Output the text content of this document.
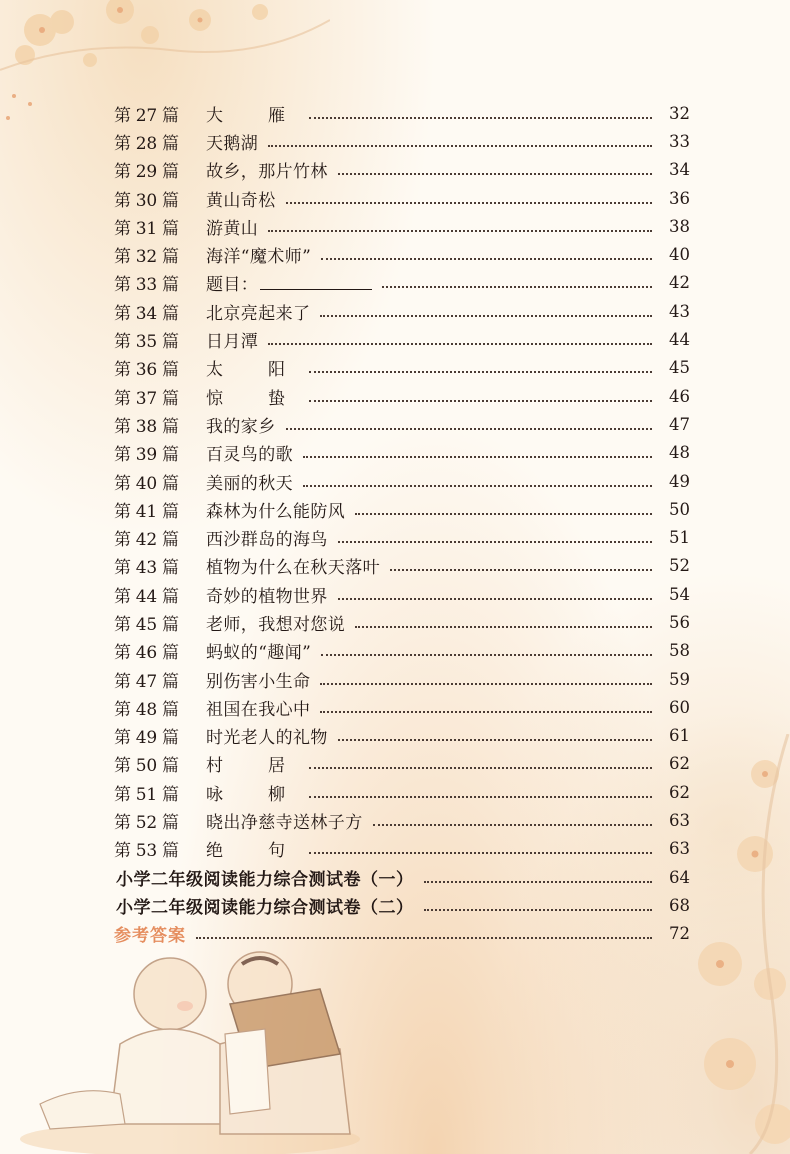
第 27 篇	大　雁	32
第 28 篇	天鹅湖	33
第 29 篇	故乡，那片竹林	34
第 30 篇	黄山奇松	36
第 31 篇	游黄山	38
第 32 篇	海洋“魔术师”	40
第 33 篇	题目：	42
第 34 篇	北京亮起来了	43
第 35 篇	日月潭	44
第 36 篇	太　阳	45
第 37 篇	惊　蛰	46
第 38 篇	我的家乡	47
第 39 篇	百灵鸟的歌	48
第 40 篇	美丽的秋天	49
第 41 篇	森林为什么能防风	50
第 42 篇	西沙群岛的海鸟	51
第 43 篇	植物为什么在秋天落叶	52
第 44 篇	奇妙的植物世界	54
第 45 篇	老师，我想对您说	56
第 46 篇	蚂蚁的“趣闻”	58
第 47 篇	别伤害小生命	59
第 48 篇	祖国在我心中	60
第 49 篇	时光老人的礼物	61
第 50 篇	村　居	62
第 51 篇	咏　柳	62
第 52 篇	晓出净慈寺送林子方	63
第 53 篇	绝　句	63
小学二年级阅读能力综合测试卷（一）	64
小学二年级阅读能力综合测试卷（二）	68
参考答案	72
